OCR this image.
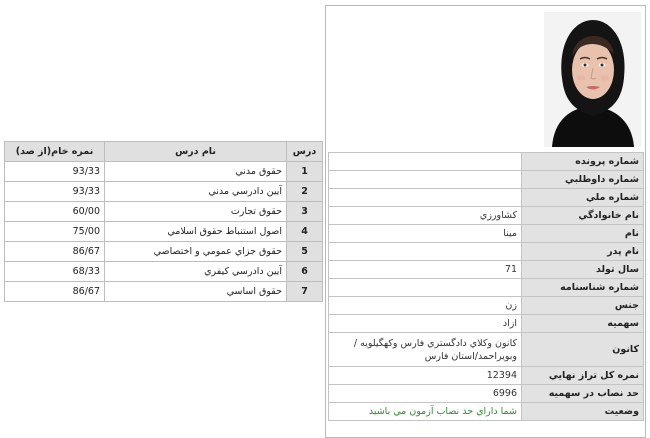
نمره خام(از صد)	نام درس	درس
93/33	حقوق مدني	1
93/33	آيين دادرسي مدني	2
60/00	حقوق تجارت	3
75/00	اصول استنباط حقوق اسلامي	4
86/67	حقوق جزاي عمومي و اختصاصي	5
68/33	آيين دادرسي كيفري	6
86/67	حقوق اساسي	7
	شماره پرونده
	شماره داوطلبي
	شماره ملي
كشاورزي	نام خانوادگي
مينا	نام
	نام پدر
71	سال تولد
	شماره شناسنامه
زن	جنس
ازاد	سهميه
كانون وكلاي دادگستري فارس وكهگيلويه / وبويراحمد/استان فارس	كانون
12394	نمره كل تراز نهايي
6996	حد نصاب در سهميه
شما داراي حد نصاب آزمون مي باشيد	وضعيت
